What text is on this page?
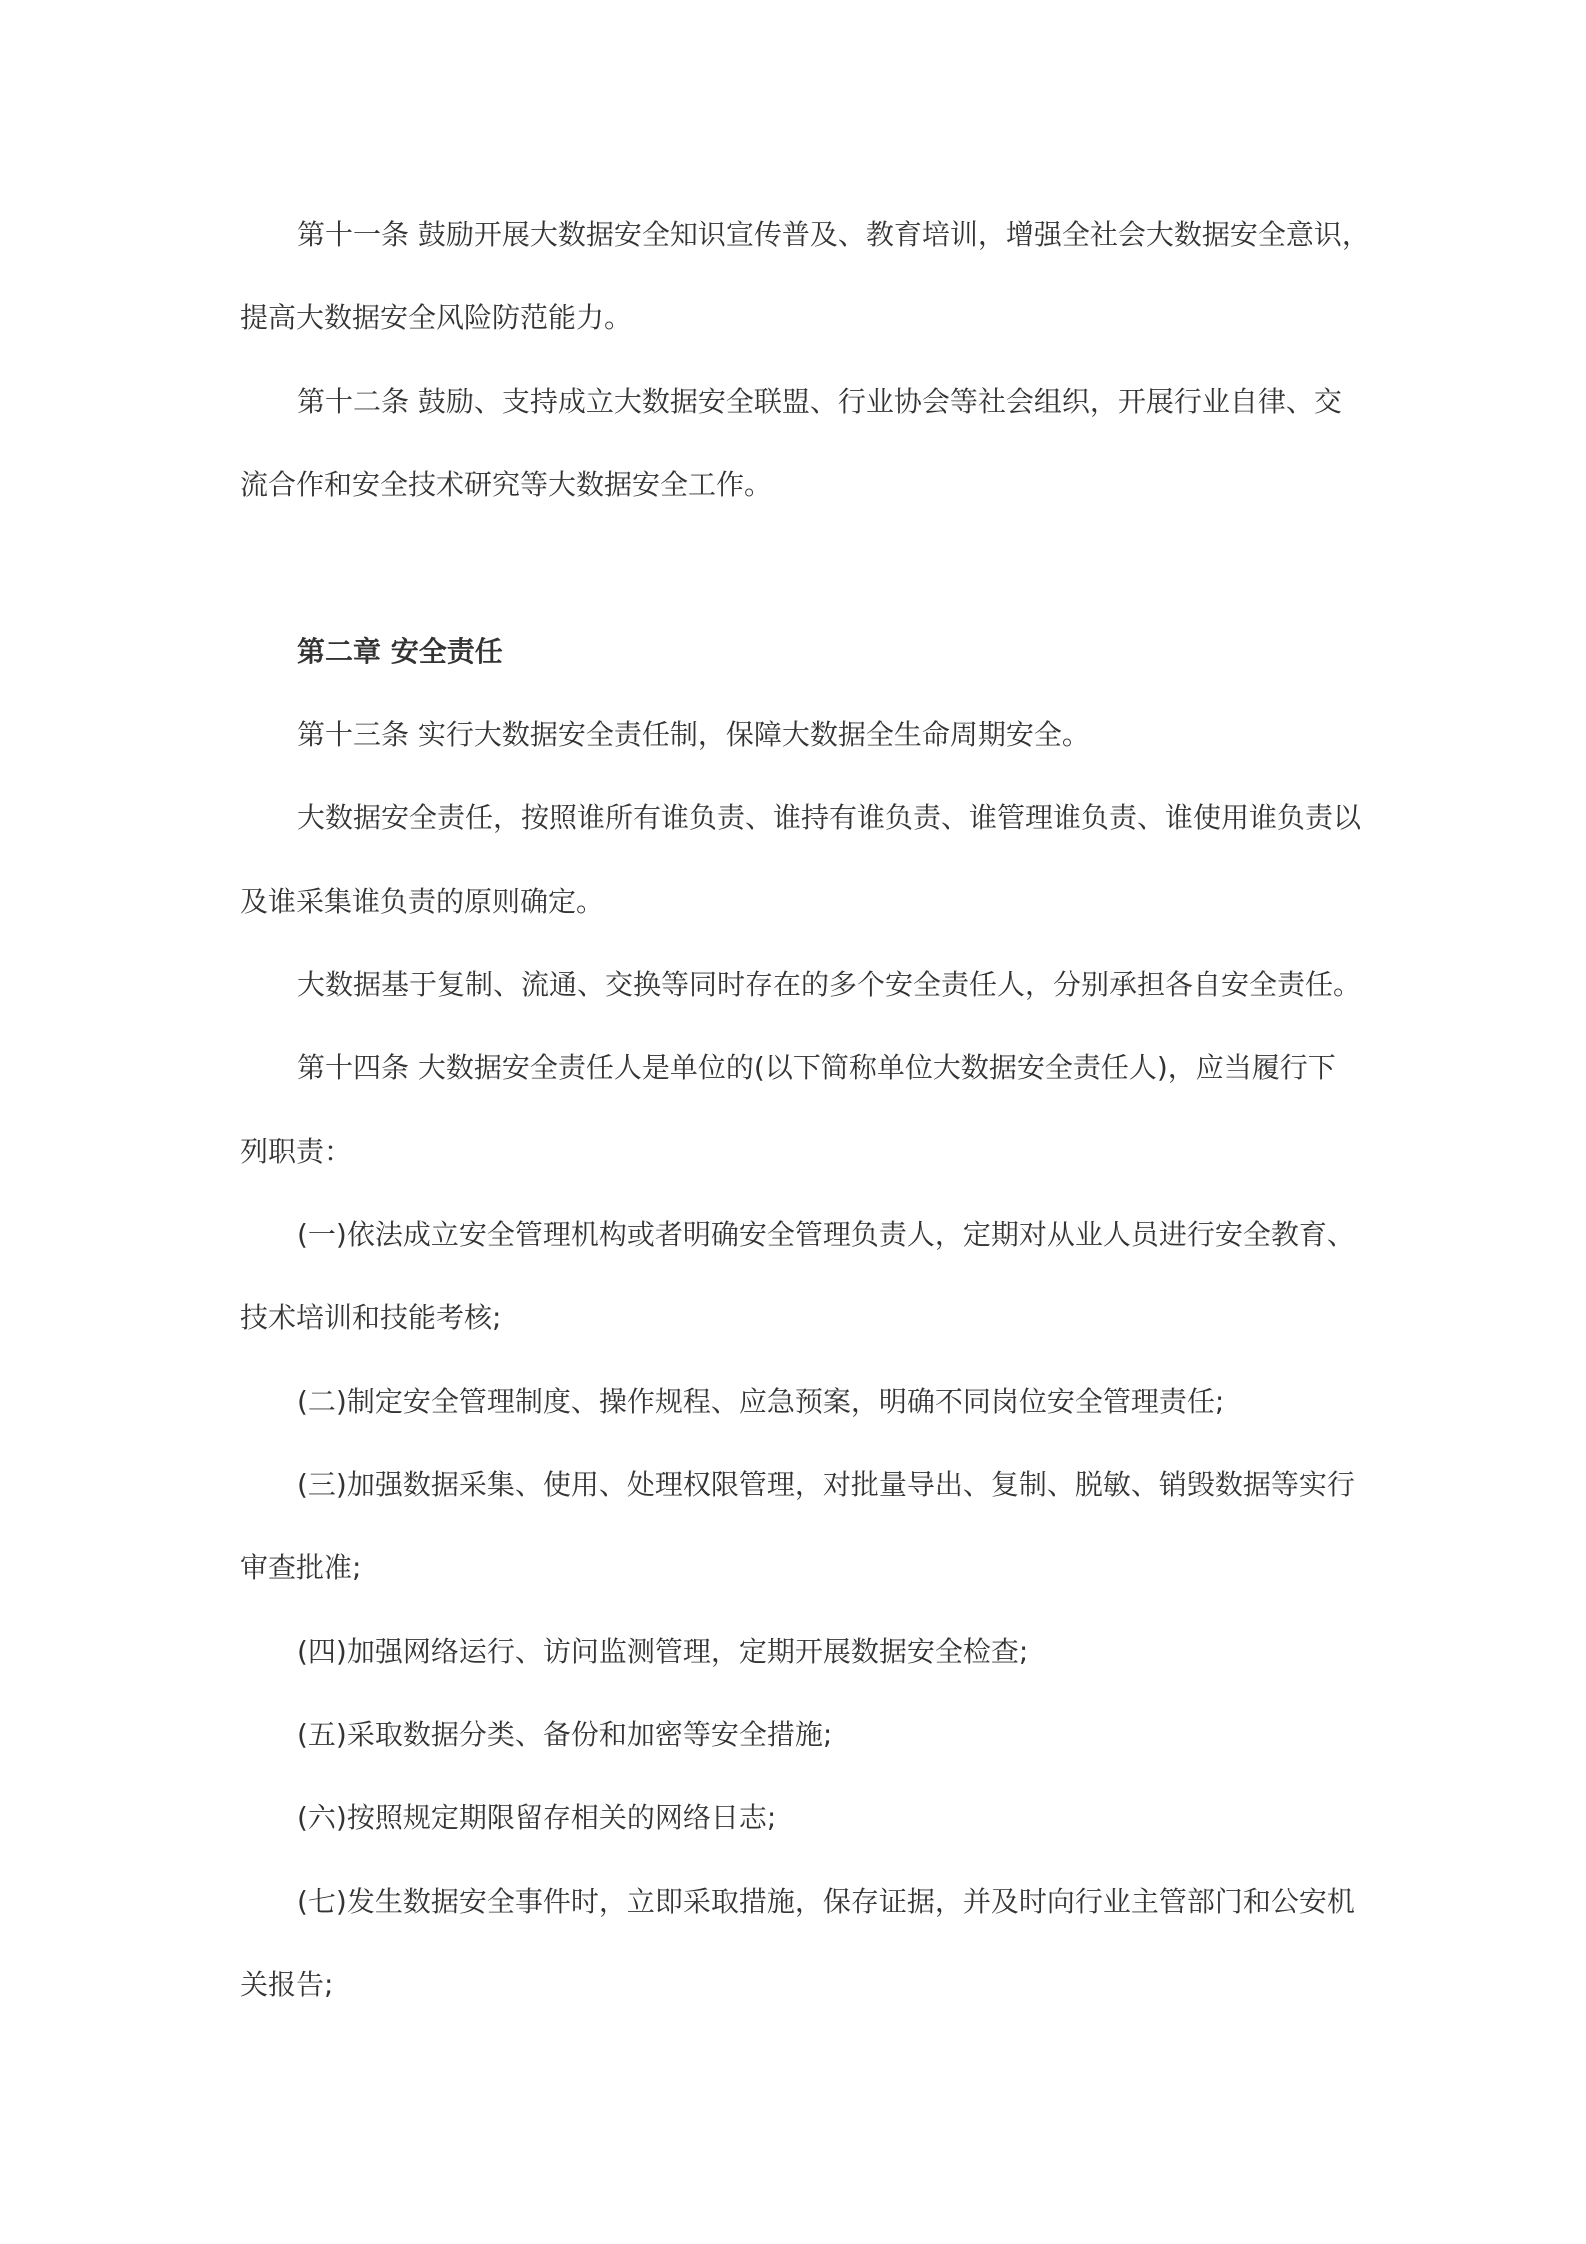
第十一条 鼓励开展大数据安全知识宣传普及、教育培训，增强全社会大数据安全意识，
提高大数据安全风险防范能力。
第十二条 鼓励、支持成立大数据安全联盟、行业协会等社会组织，开展行业自律、交
流合作和安全技术研究等大数据安全工作。
第二章 安全责任
第十三条 实行大数据安全责任制，保障大数据全生命周期安全。
大数据安全责任，按照谁所有谁负责、谁持有谁负责、谁管理谁负责、谁使用谁负责以
及谁采集谁负责的原则确定。
大数据基于复制、流通、交换等同时存在的多个安全责任人，分别承担各自安全责任。
第十四条 大数据安全责任人是单位的(以下简称单位大数据安全责任人)，应当履行下
列职责：
(一)依法成立安全管理机构或者明确安全管理负责人，定期对从业人员进行安全教育、
技术培训和技能考核;
(二)制定安全管理制度、操作规程、应急预案，明确不同岗位安全管理责任;
(三)加强数据采集、使用、处理权限管理，对批量导出、复制、脱敏、销毁数据等实行
审查批准;
(四)加强网络运行、访问监测管理，定期开展数据安全检查;
(五)采取数据分类、备份和加密等安全措施;
(六)按照规定期限留存相关的网络日志;
(七)发生数据安全事件时，立即采取措施，保存证据，并及时向行业主管部门和公安机
关报告;
